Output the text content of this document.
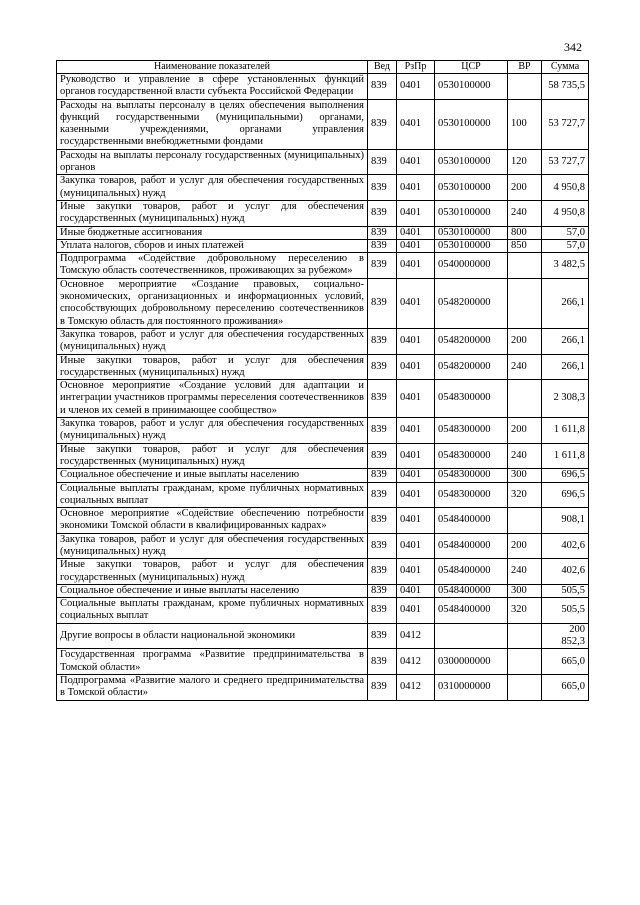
342
Наименование показателей	Вед	РзПр	ЦСР	ВР	Сумма
Руководство и управление в сфере установленных функций органов государственной власти субъекта Российской Федерации	839	0401	0530100000		58 735,5
Расходы на выплаты персоналу в целях обеспечения выполнения функций государственными (муниципальными) органами, казенными учреждениями, органами управления государственными внебюджетными фондами	839	0401	0530100000	100	53 727,7
Расходы на выплаты персоналу государственных (муниципальных) органов	839	0401	0530100000	120	53 727,7
Закупка товаров, работ и услуг для обеспечения государственных (муниципальных) нужд	839	0401	0530100000	200	4 950,8
Иные закупки товаров, работ и услуг для обеспечения государственных (муниципальных) нужд	839	0401	0530100000	240	4 950,8
Иные бюджетные ассигнования	839	0401	0530100000	800	57,0
Уплата налогов, сборов и иных платежей	839	0401	0530100000	850	57,0
Подпрограмма «Содействие добровольному переселению в Томскую область соотечественников, проживающих за рубежом»	839	0401	0540000000		3 482,5
Основное мероприятие «Создание правовых, социально-экономических, организационных и информационных условий, способствующих добровольному переселению соотечественников в Томскую область для постоянного проживания»	839	0401	0548200000		266,1
Закупка товаров, работ и услуг для обеспечения государственных (муниципальных) нужд	839	0401	0548200000	200	266,1
Иные закупки товаров, работ и услуг для обеспечения государственных (муниципальных) нужд	839	0401	0548200000	240	266,1
Основное мероприятие «Создание условий для адаптации и интеграции участников программы переселения соотечественников и членов их семей в принимающее сообщество»	839	0401	0548300000		2 308,3
Закупка товаров, работ и услуг для обеспечения государственных (муниципальных) нужд	839	0401	0548300000	200	1 611,8
Иные закупки товаров, работ и услуг для обеспечения государственных (муниципальных) нужд	839	0401	0548300000	240	1 611,8
Социальное обеспечение и иные выплаты населению	839	0401	0548300000	300	696,5
Социальные выплаты гражданам, кроме публичных нормативных социальных выплат	839	0401	0548300000	320	696,5
Основное мероприятие «Содействие обеспечению потребности экономики Томской области в квалифицированных кадрах»	839	0401	0548400000		908,1
Закупка товаров, работ и услуг для обеспечения государственных (муниципальных) нужд	839	0401	0548400000	200	402,6
Иные закупки товаров, работ и услуг для обеспечения государственных (муниципальных) нужд	839	0401	0548400000	240	402,6
Социальное обеспечение и иные выплаты населению	839	0401	0548400000	300	505,5
Социальные выплаты гражданам, кроме публичных нормативных социальных выплат	839	0401	0548400000	320	505,5
Другие вопросы в области национальной экономики	839	0412			200 852,3
Государственная программа «Развитие предпринимательства в Томской области»	839	0412	0300000000		665,0
Подпрограмма «Развитие малого и среднего предпринимательства в Томской области»	839	0412	0310000000		665,0
